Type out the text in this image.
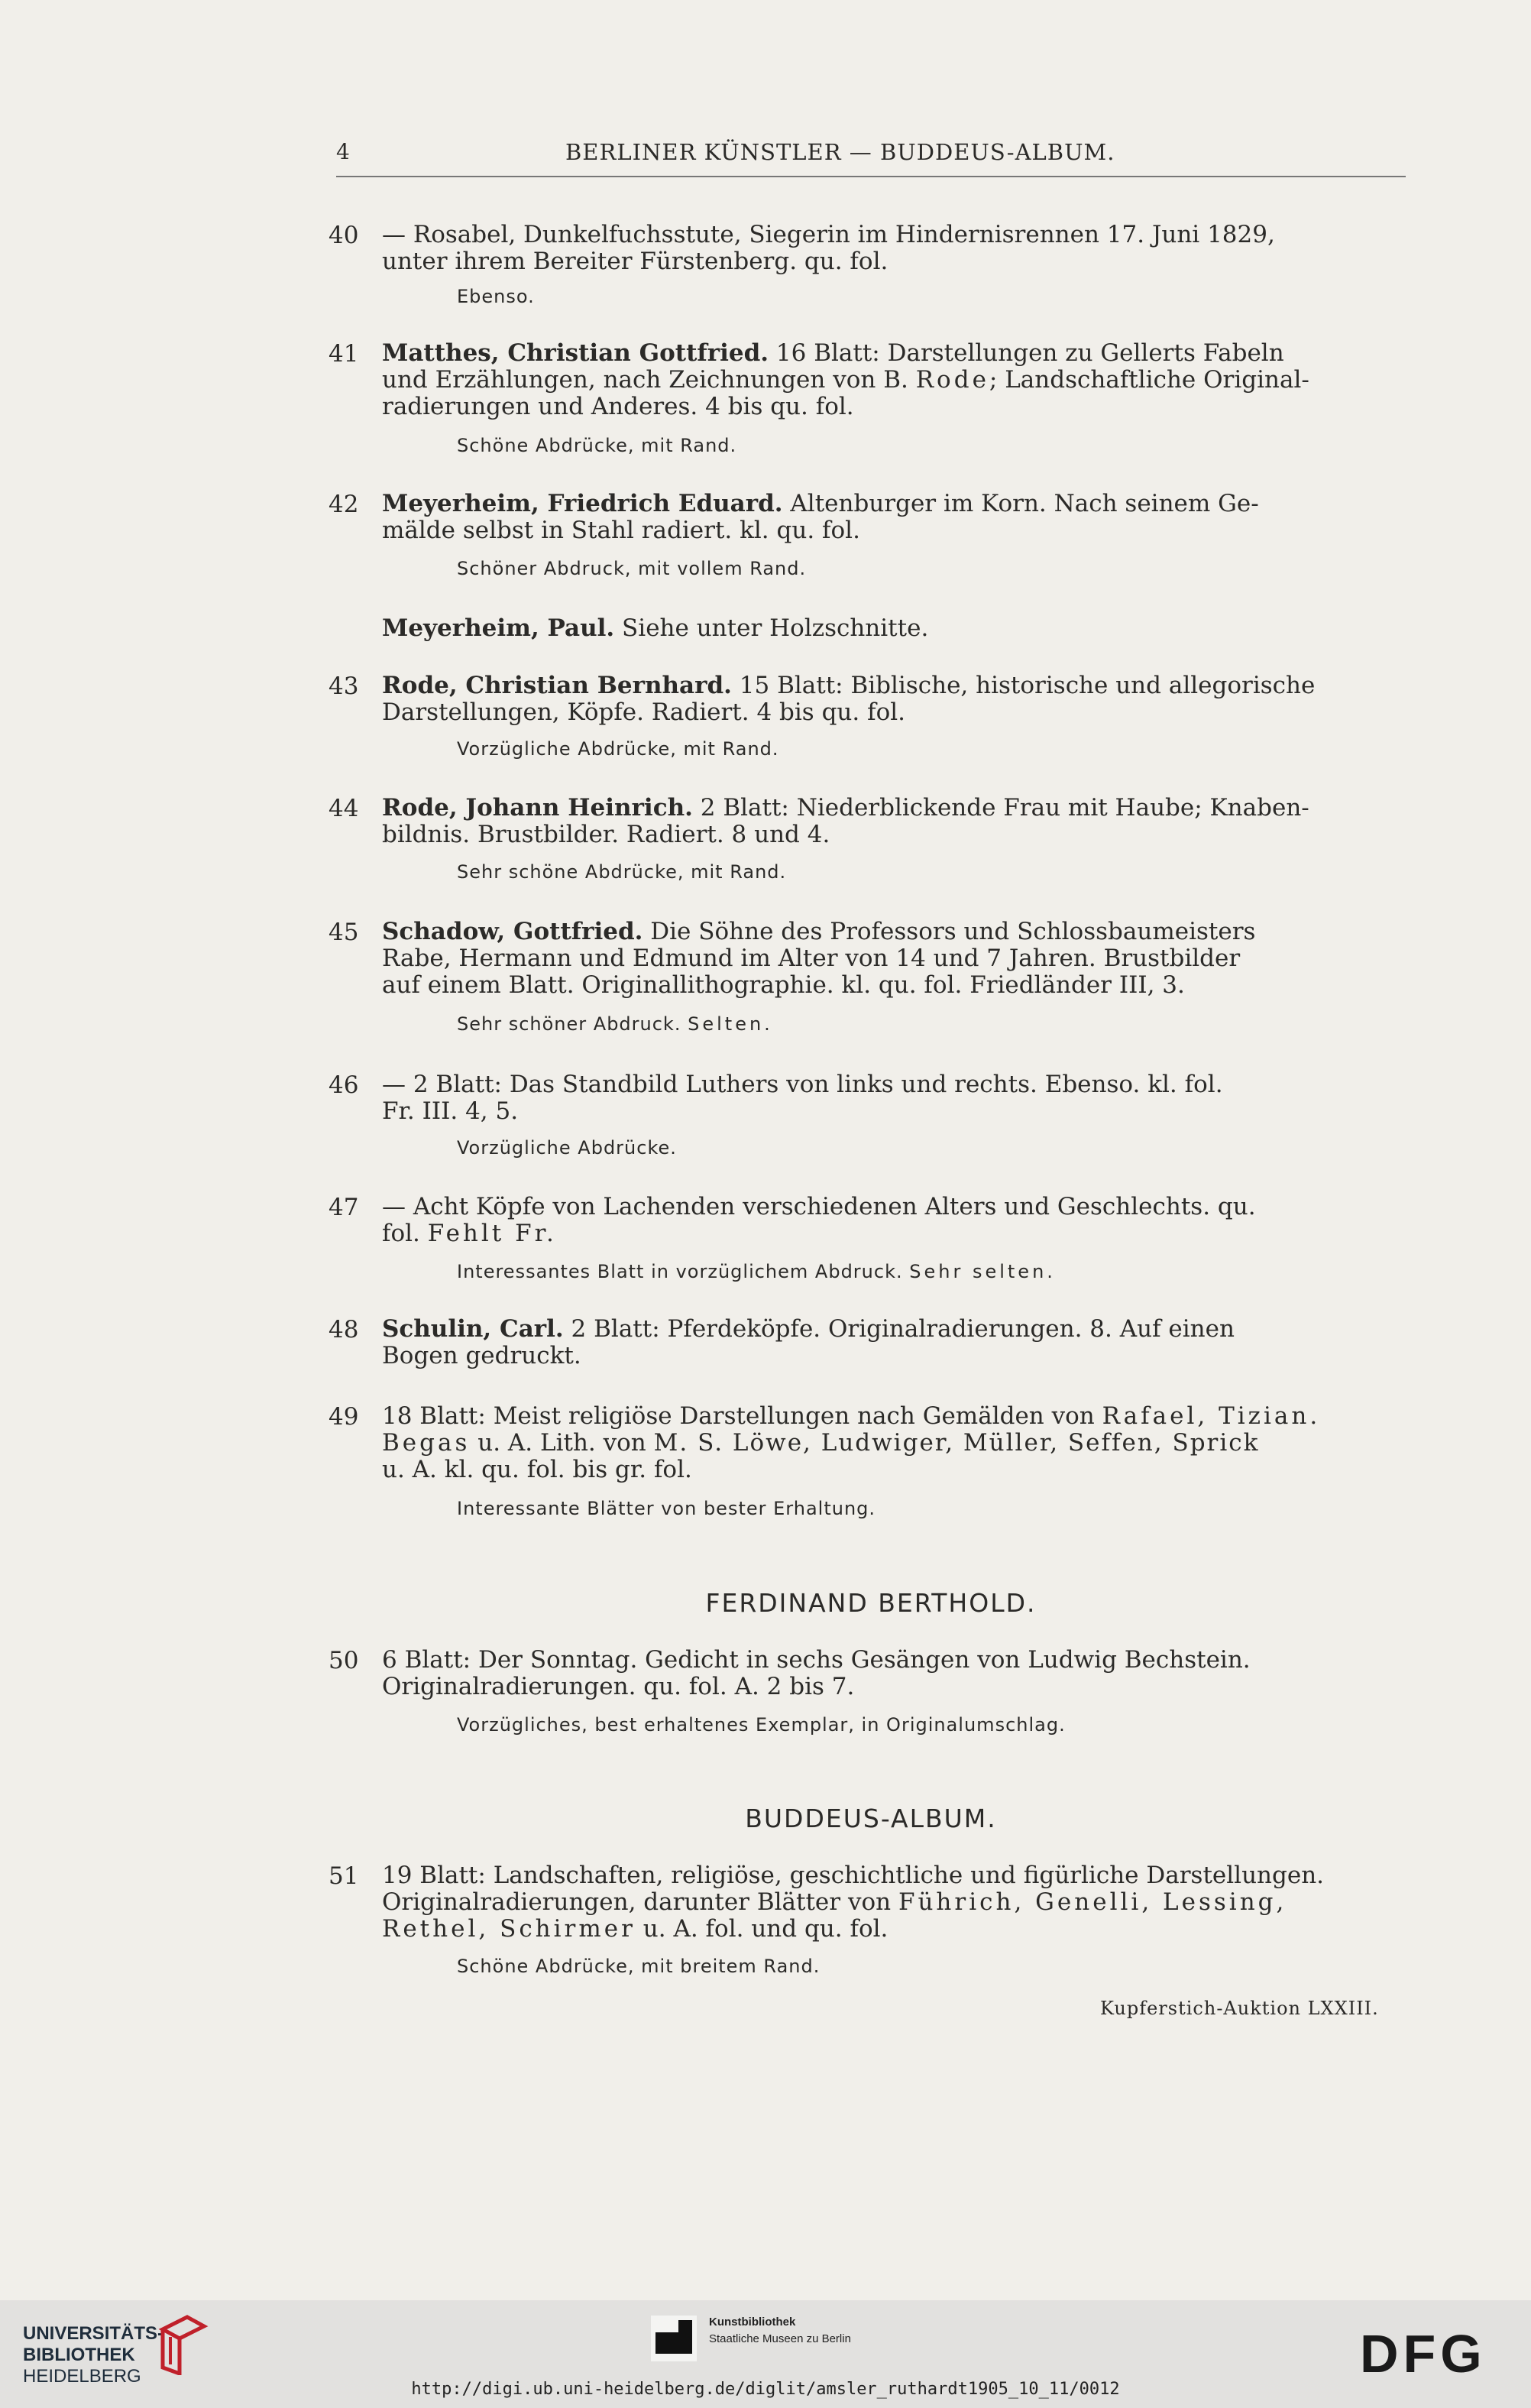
4	BERLINER KÜNSTLER — BUDDEUS-ALBUM.
40 — Rosabel, Dunkelfuchsstute, Siegerin im Hindernisrennen 17. Juni 1829,
unter ihrem Bereiter Fürstenberg. qu. fol.
Ebenso.
41 Matthes, Christian Gottfried. 16 Blatt: Darstellungen zu Gellerts Fabeln
und Erzählungen, nach Zeichnungen von B. Rode; Landschaftliche Original-
radierungen und Anderes. 4 bis qu. fol.
Schöne Abdrücke, mit Rand.
42 Meyerheim, Friedrich Eduard. Altenburger im Korn. Nach seinem Ge-
mälde selbst in Stahl radiert. kl. qu. fol.
Schöner Abdruck, mit vollem Rand.
Meyerheim, Paul. Siehe unter Holzschnitte.
43 Rode, Christian Bernhard. 15 Blatt: Biblische, historische und allegorische
Darstellungen, Köpfe. Radiert. 4 bis qu. fol.
Vorzügliche Abdrücke, mit Rand.
44 Rode, Johann Heinrich. 2 Blatt: Niederblickende Frau mit Haube; Knaben-
bildnis. Brustbilder. Radiert. 8 und 4.
Sehr schöne Abdrücke, mit Rand.
45 Schadow, Gottfried. Die Söhne des Professors und Schlossbaumeisters
Rabe, Hermann und Edmund im Alter von 14 und 7 Jahren. Brustbilder
auf einem Blatt. Originallithographie. kl. qu. fol. Friedländer III, 3.
Sehr schöner Abdruck. Selten.
46 — 2 Blatt: Das Standbild Luthers von links und rechts. Ebenso. kl. fol.
Fr. III. 4, 5.
Vorzügliche Abdrücke.
47 — Acht Köpfe von Lachenden verschiedenen Alters und Geschlechts. qu.
fol. Fehlt Fr.
Interessantes Blatt in vorzüglichem Abdruck. Sehr selten.
48 Schulin, Carl. 2 Blatt: Pferdeköpfe. Originalradierungen. 8. Auf einen
Bogen gedruckt.
49 18 Blatt: Meist religiöse Darstellungen nach Gemälden von Rafael, Tizian.
Begas u. A. Lith. von M. S. Löwe, Ludwiger, Müller, Seffen, Sprick
u. A. kl. qu. fol. bis gr. fol.
Interessante Blätter von bester Erhaltung.
FERDINAND BERTHOLD.
50 6 Blatt: Der Sonntag. Gedicht in sechs Gesängen von Ludwig Bechstein.
Originalradierungen. qu. fol. A. 2 bis 7.
Vorzügliches, best erhaltenes Exemplar, in Originalumschlag.
BUDDEUS-ALBUM.
51 19 Blatt: Landschaften, religiöse, geschichtliche und figürliche Darstellungen.
Originalradierungen, darunter Blätter von Führich, Genelli, Lessing,
Rethel, Schirmer u. A. fol. und qu. fol.
Schöne Abdrücke, mit breitem Rand.
Kupferstich-Auktion LXXIII.
UNIVERSITÄTS-
BIBLIOTHEK
HEIDELBERG
Kunstbibliothek
Staatliche Museen zu Berlin	DFG
http://digi.ub.uni-heidelberg.de/diglit/amsler_ruthardt1905_10_11/0012
